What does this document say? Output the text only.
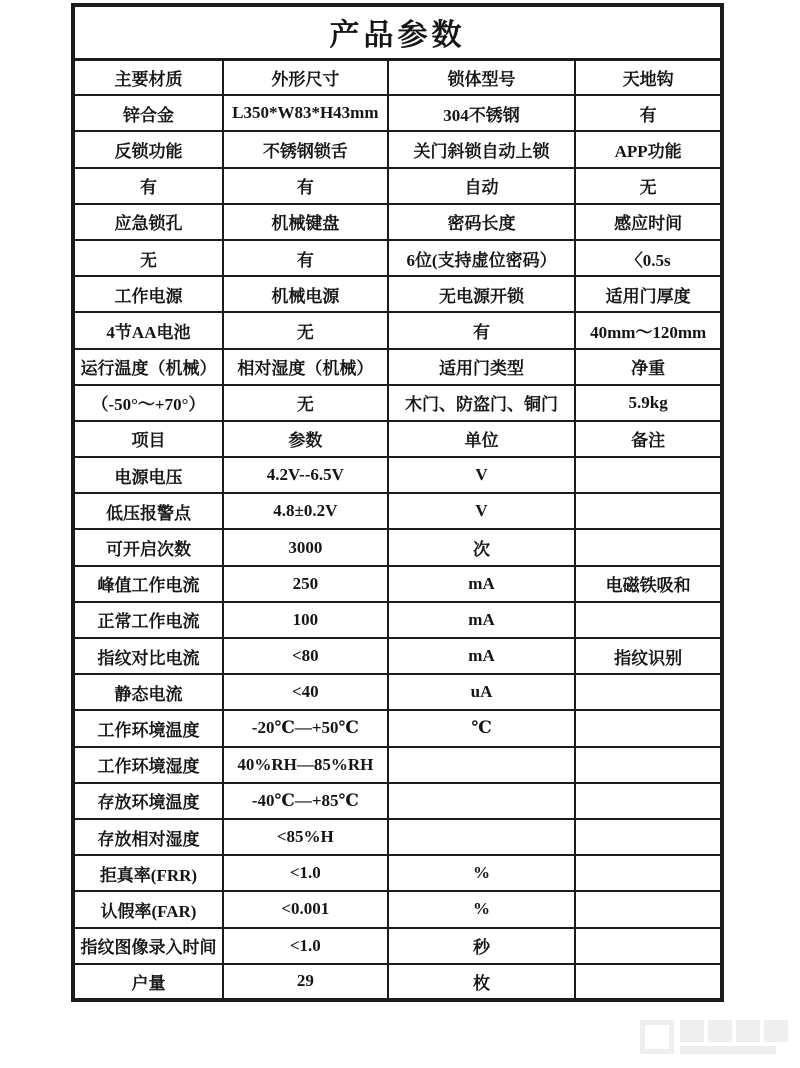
产品参数			
主要材质	外形尺寸	锁体型号	天地钩
锌合金	L350*W83*H43mm	304不锈钢	有
反锁功能	不锈钢锁舌	关门斜锁自动上锁	APP功能
有	有	自动	无
应急锁孔	机械键盘	密码长度	感应时间
无	有	6位(支持虚位密码）	〈0.5s
工作电源	机械电源	无电源开锁	适用门厚度
4节AA电池	无	有	40mm～120mm
运行温度（机械）	相对湿度（机械）	适用门类型	净重
（-50°～+70°）	无	木门、防盗门、铜门	5.9kg
项目	参数	单位	备注
电源电压	4.2V--6.5V	V	
低压报警点	4.8±0.2V	V	
可开启次数	3000	次	
峰值工作电流	250	mA	电磁铁吸和
正常工作电流	100	mA	
指纹对比电流	<80	mA	指纹识别
静态电流	<40	uA	
工作环境温度	-20℃—+50℃	℃	
工作环境湿度	40%RH—85%RH		
存放环境温度	-40℃—+85℃		
存放相对湿度	<85%H		
拒真率(FRR)	<1.0	%	
认假率(FAR)	<0.001	%	
指纹图像录入时间	<1.0	秒	
户量	29	枚	
